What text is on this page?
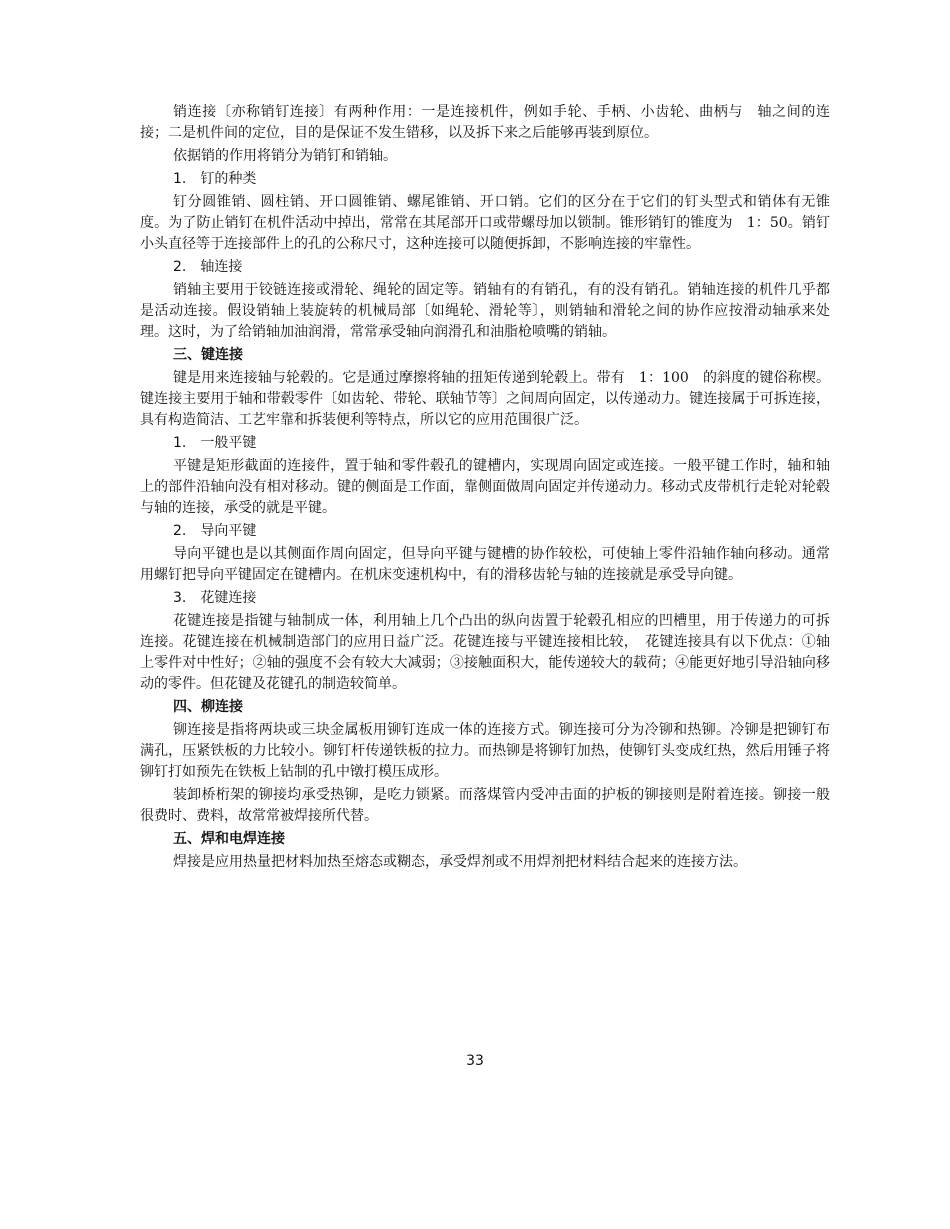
销连接〔亦称销钉连接〕有两种作用：一是连接机件，例如手轮、手柄、小齿轮、曲柄与　轴之间的连接；二是机件间的定位，目的是保证不发生错移，以及拆下来之后能够再装到原位。

依据销的作用将销分为销钉和销轴。

1.　钉的种类

钉分圆锥销、圆柱销、开口圆锥销、螺尾锥销、开口销。它们的区分在于它们的钉头型式和销体有无锥度。为了防止销钉在机件活动中掉出，常常在其尾部开口或带螺母加以锁制。锥形销钉的锥度为　1：50。销钉小头直径等于连接部件上的孔的公称尺寸，这种连接可以随便拆卸，不影响连接的牢靠性。

2.　轴连接

销轴主要用于铰链连接或滑轮、绳轮的固定等。销轴有的有销孔，有的没有销孔。销轴连接的机件几乎都是活动连接。假设销轴上装旋转的机械局部〔如绳轮、滑轮等〕，则销轴和滑轮之间的协作应按滑动轴承来处理。这时，为了给销轴加油润滑，常常承受轴向润滑孔和油脂枪喷嘴的销轴。

三、键连接

键是用来连接轴与轮毂的。它是通过摩擦将轴的扭矩传递到轮毂上。带有　1：100　的斜度的键俗称楔。键连接主要用于轴和带毂零件〔如齿轮、带轮、联轴节等〕之间周向固定，以传递动力。键连接属于可拆连接，具有构造简洁、工艺牢靠和拆装便利等特点，所以它的应用范围很广泛。

1.　一般平键

平键是矩形截面的连接件，置于轴和零件毂孔的键槽内，实现周向固定或连接。一般平键工作时，轴和轴上的部件沿轴向没有相对移动。键的侧面是工作面，靠侧面做周向固定并传递动力。移动式皮带机行走轮对轮毂与轴的连接，承受的就是平键。

2.　导向平键

导向平键也是以其侧面作周向固定，但导向平键与键槽的协作较松，可使轴上零件沿轴作轴向移动。通常用螺钉把导向平键固定在键槽内。在机床变速机构中，有的滑移齿轮与轴的连接就是承受导向键。

3.　花键连接

花键连接是指键与轴制成一体，利用轴上几个凸出的纵向齿置于轮毂孔相应的凹槽里，用于传递力的可拆连接。花键连接在机械制造部门的应用日益广泛。花键连接与平键连接相比较，　花键连接具有以下优点：①轴上零件对中性好；②轴的强度不会有较大大减弱；③接触面积大，能传递较大的载荷；④能更好地引导沿轴向移动的零件。但花键及花键孔的制造较简单。

四、柳连接

铆连接是指将两块或三块金属板用铆钉连成一体的连接方式。铆连接可分为冷铆和热铆。冷铆是把铆钉布满孔，压紧铁板的力比较小。铆钉杆传递铁板的拉力。而热铆是将铆钉加热，使铆钉头变成红热，然后用锤子将铆钉打如预先在铁板上钻制的孔中镦打模压成形。

装卸桥桁架的铆接均承受热铆，是吃力锁紧。而落煤管内受冲击面的护板的铆接则是附着连接。铆接一般很费时、费料，故常常被焊接所代替。

五、焊和电焊连接

焊接是应用热量把材料加热至熔态或糊态，承受焊剂或不用焊剂把材料结合起来的连接方法。

33
